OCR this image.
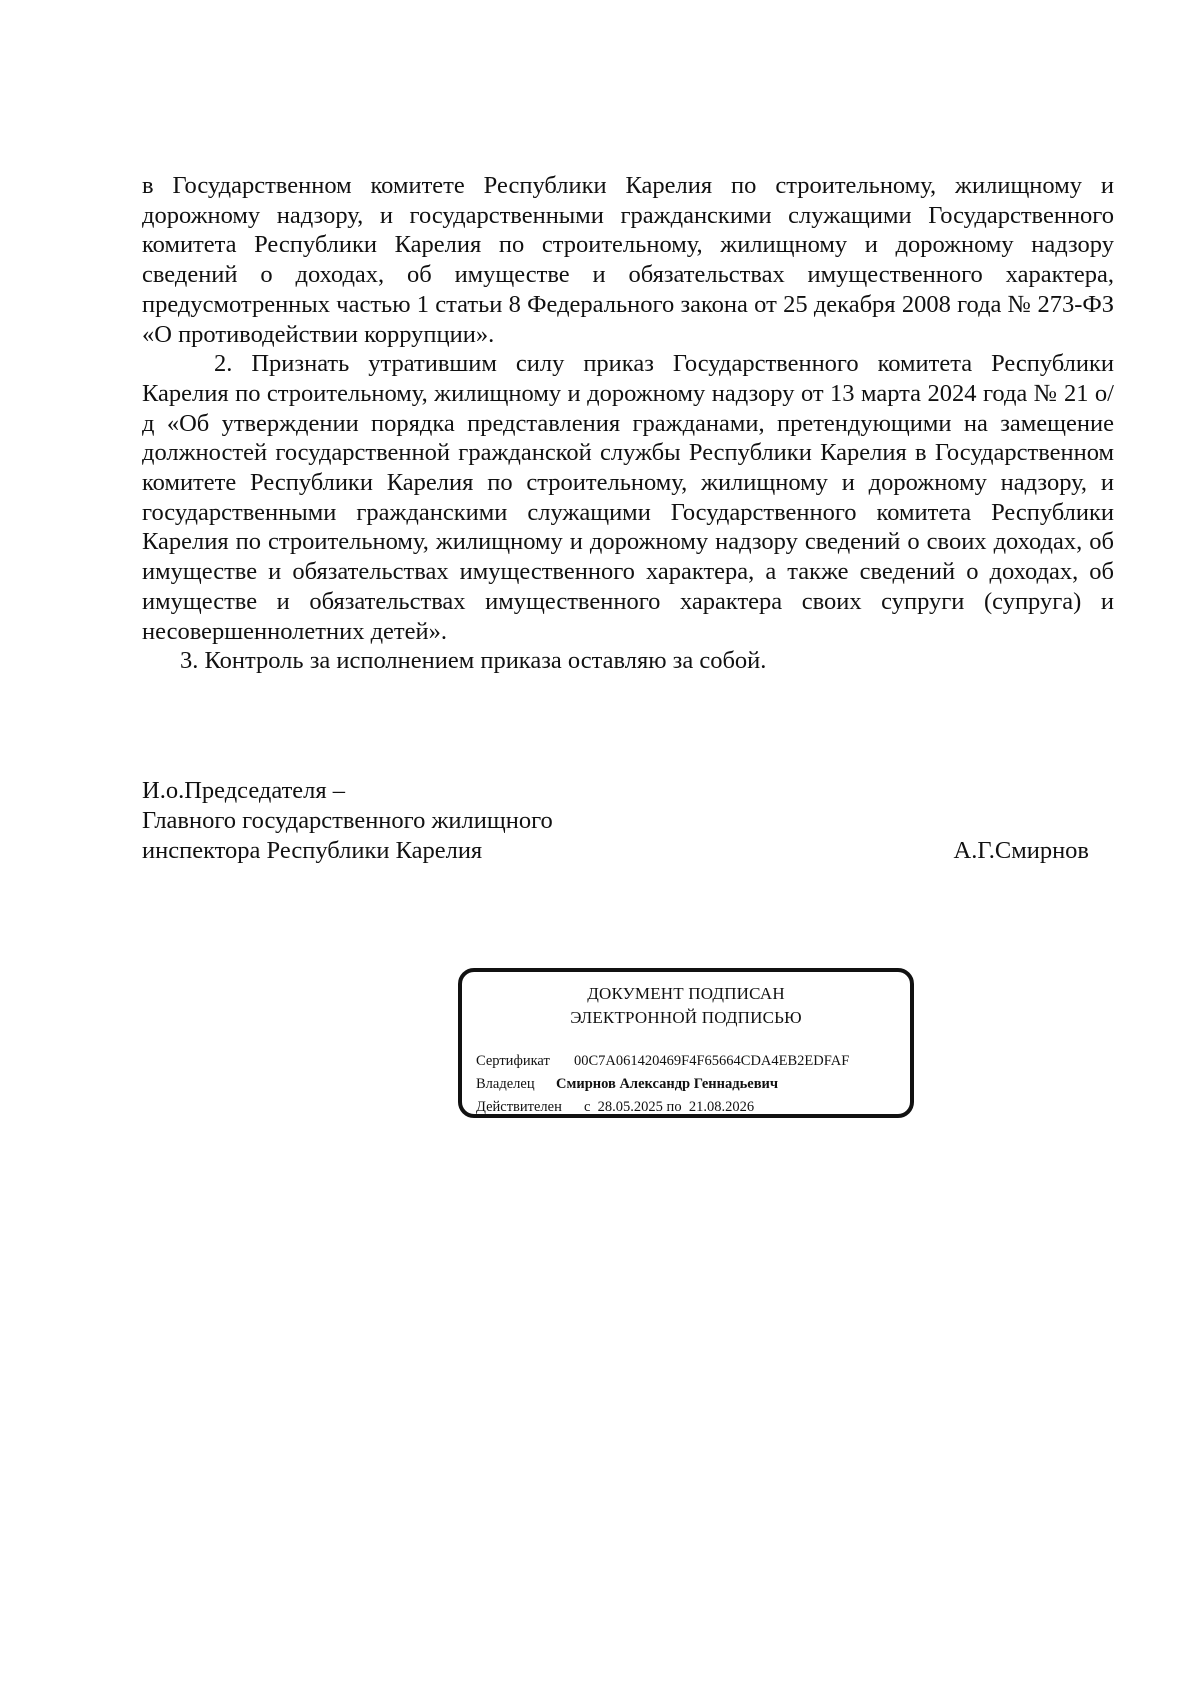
в Государственном комитете Республики Карелия по строительному, жилищному и дорожному надзору, и государственными гражданскими служащими Государственного комитета Республики Карелия по строительному, жилищному и дорожному надзору сведений о доходах, об имуществе и обязательствах имущественного характера, предусмотренных частью 1 статьи 8 Федерального закона от 25 декабря 2008 года № 273-ФЗ «О противодействии коррупции».

2. Признать утратившим силу приказ Государственного комитета Республики Карелия по строительному, жилищному и дорожному надзору от 13 марта 2024 года № 21 о/д «Об утверждении порядка представления гражданами, претендующими на замещение должностей государственной гражданской службы Республики Карелия в Государственном комитете Республики Карелия по строительному, жилищному и дорожному надзору, и государственными гражданскими служащими Государственного комитета Республики Карелия по строительному, жилищному и дорожному надзору сведений о своих доходах, об имуществе и обязательствах имущественного характера, а также сведений о доходах, об имуществе и обязательствах имущественного характера своих супруги (супруга) и несовершеннолетних детей».

3. Контроль за исполнением приказа оставляю за собой.

И.о.Председателя –
Главного государственного жилищного
инспектора Республики Карелия	А.Г.Смирнов
ДОКУМЕНТ ПОДПИСАН
ЭЛЕКТРОННОЙ ПОДПИСЬЮ
Сертификат 00C7A061420469F4F65664CDA4EB2EDFAF
Владелец Смирнов Александр Геннадьевич
Действителен с  28.05.2025 по  21.08.2026
